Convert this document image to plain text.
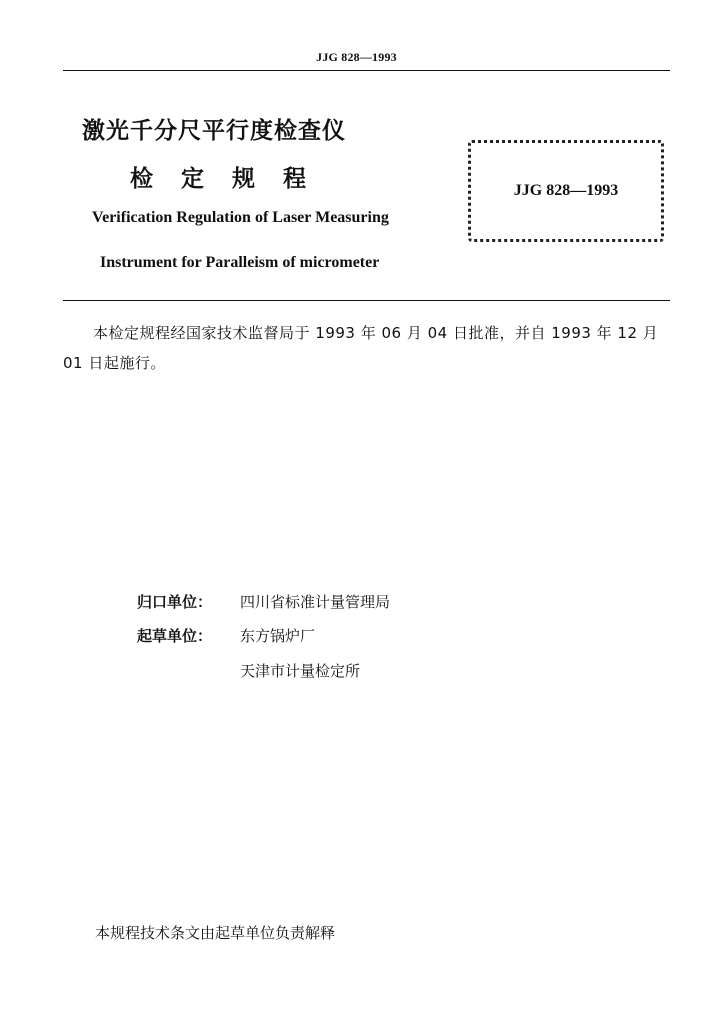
JJG 828—1993
激光千分尺平行度检查仪
检定规程
Verification Regulation of Laser Measuring
Instrument for Paralleism of micrometer
JJG 828—1993
本检定规程经国家技术监督局于 1993 年 06 月 04 日批准，并自 1993 年 12 月 01 日起施行。
归口单位： 四川省标准计量管理局
起草单位： 东方锅炉厂
天津市计量检定所
本规程技术条文由起草单位负责解释
